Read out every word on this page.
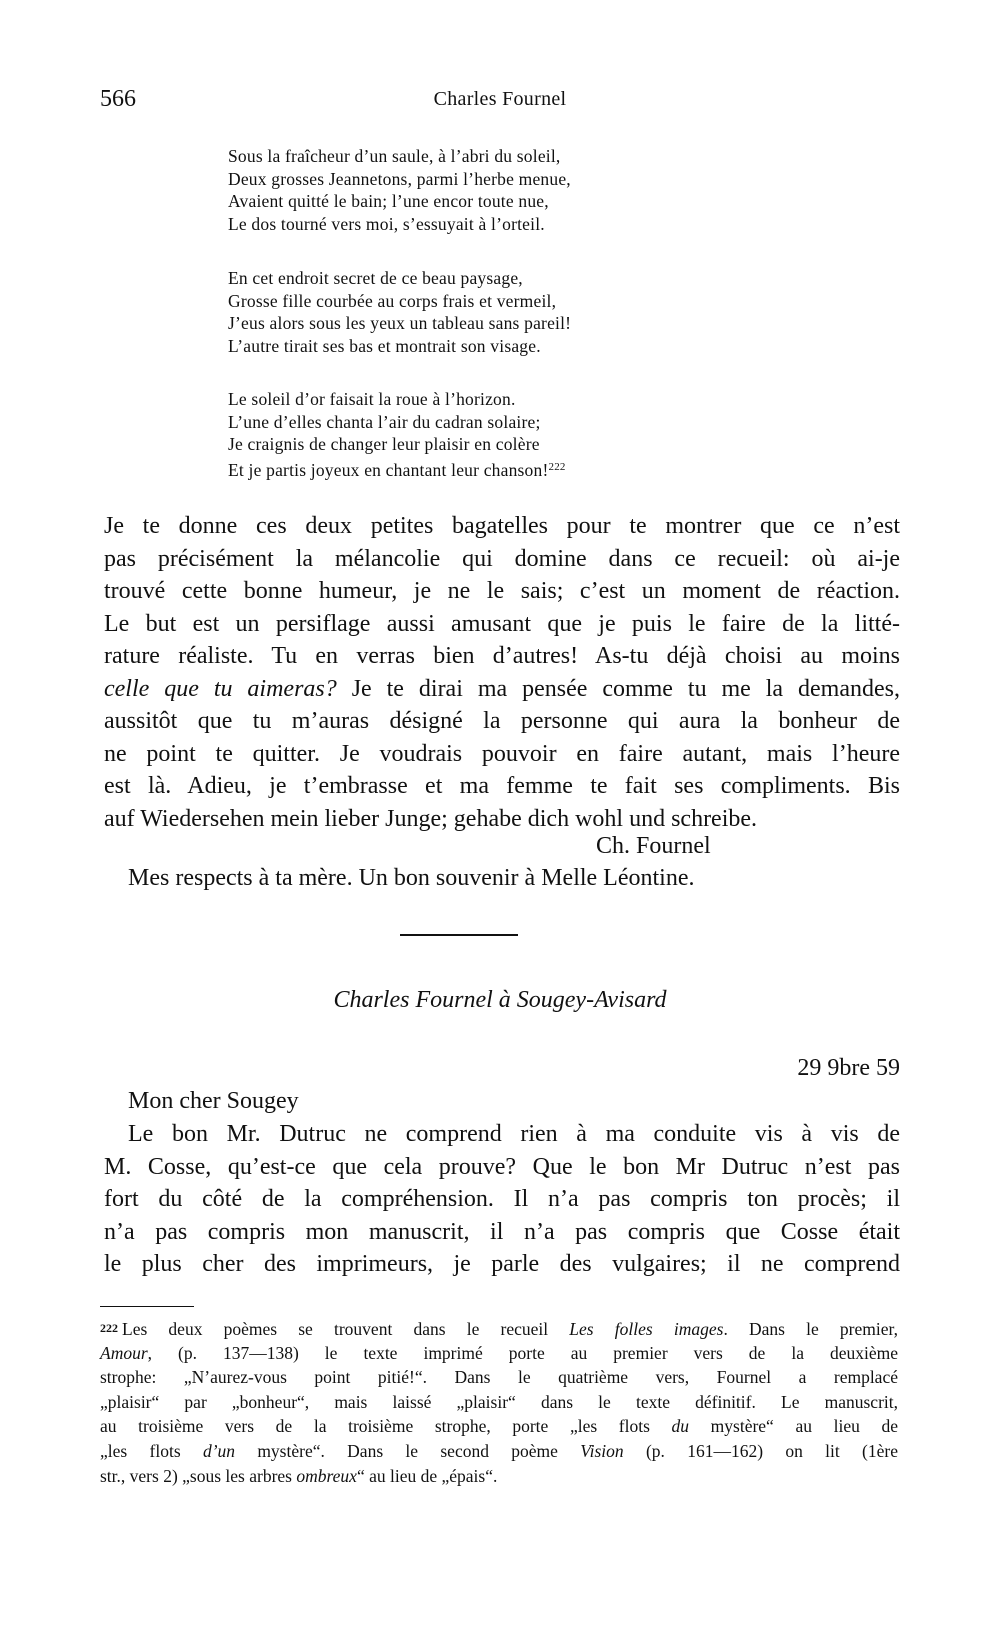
566	Charles Fournel
Sous la fraîcheur d’un saule, à l’abri du soleil,
Deux grosses Jeannetons, parmi l’herbe menue,
Avaient quitté le bain; l’une encor toute nue,
Le dos tourné vers moi, s’essuyait à l’orteil.
En cet endroit secret de ce beau paysage,
Grosse fille courbée au corps frais et vermeil,
J’eus alors sous les yeux un tableau sans pareil!
L’autre tirait ses bas et montrait son visage.
Le soleil d’or faisait la roue à l’horizon.
L’une d’elles chanta l’air du cadran solaire;
Je craignis de changer leur plaisir en colère
Et je partis joyeux en chantant leur chanson!$^{222}$
Je te donne ces deux petites bagatelles pour te montrer que ce n’est
pas précisément la mélancolie qui domine dans ce recueil: où ai-je
trouvé cette bonne humeur, je ne le sais; c’est un moment de réaction.
Le but est un persiflage aussi amusant que je puis le faire de la litté-
rature réaliste. Tu en verras bien d’autres! As-tu déjà choisi au moins
celle que tu aimeras? Je te dirai ma pensée comme tu me la demandes,
aussitôt que tu m’auras désigné la personne qui aura la bonheur de
ne point te quitter. Je voudrais pouvoir en faire autant, mais l’heure
est là. Adieu, je t’embrasse et ma femme te fait ses compliments. Bis
auf Wiedersehen mein lieber Junge; gehabe dich wohl und schreibe.
Ch. Fournel
Mes respects à ta mère. Un bon souvenir à Melle Léontine.
Charles Fournel à Sougey-Avisard
29 9bre 59
Mon cher Sougey
Le bon Mr. Dutruc ne comprend rien à ma conduite vis à vis de
M. Cosse, qu’est-ce que cela prouve? Que le bon Mr Dutruc n’est pas
fort du côté de la compréhension. Il n’a pas compris ton procès; il
n’a pas compris mon manuscrit, il n’a pas compris que Cosse était
le plus cher des imprimeurs, je parle des vulgaires; il ne comprend
222 Les deux poèmes se trouvent dans le recueil Les folles images. Dans le premier,
Amour, (p. 137—138) le texte imprimé porte au premier vers de la deuxième
strophe: „N’aurez-vous point pitié!“. Dans le quatrième vers, Fournel a remplacé
„plaisir“ par „bonheur“, mais laissé „plaisir“ dans le texte définitif. Le manuscrit,
au troisième vers de la troisième strophe, porte „les flots du mystère“ au lieu de
„les flots d’un mystère“. Dans le second poème Vision (p. 161—162) on lit (1ère
str., vers 2) „sous les arbres ombreux“ au lieu de „épais“.
